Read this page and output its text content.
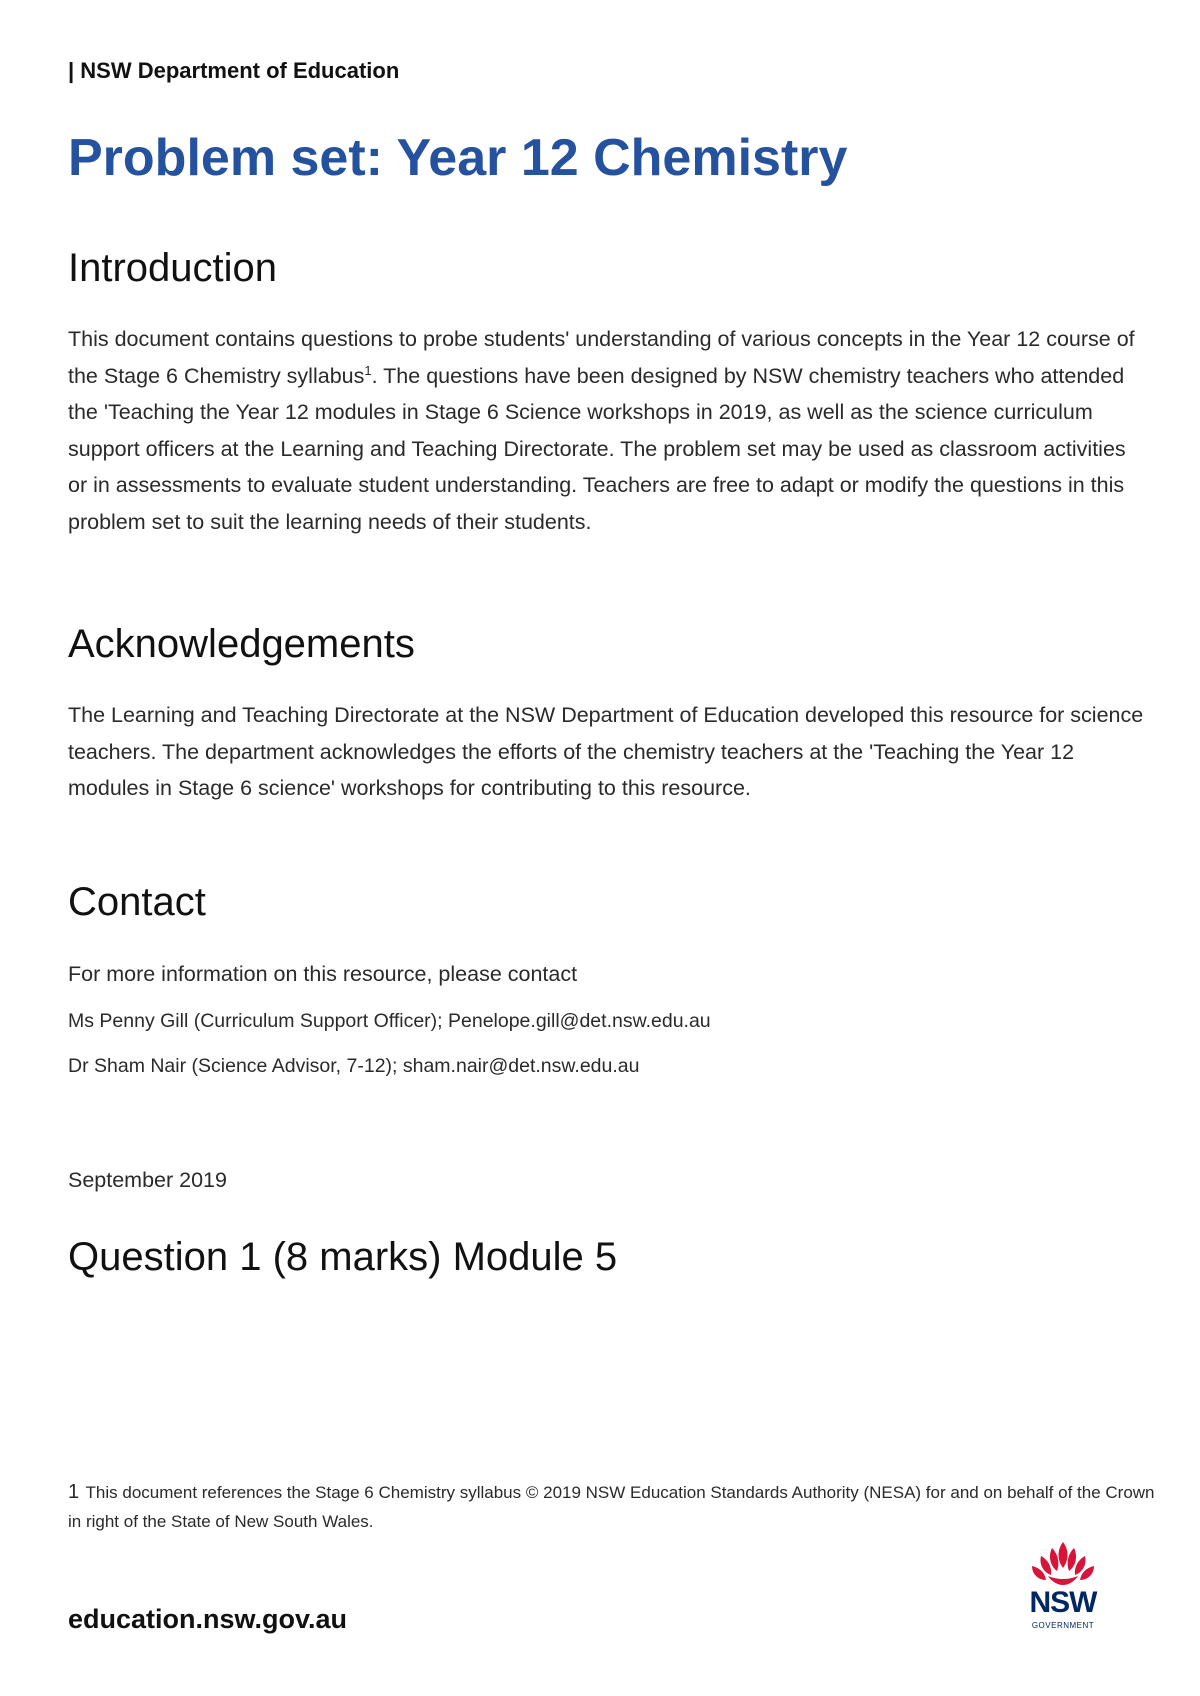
| NSW Department of Education
Problem set: Year 12 Chemistry
Introduction

This document contains questions to probe students' understanding of various concepts in the Year 12 course of the Stage 6 Chemistry syllabus$^1$. The questions have been designed by NSW chemistry teachers who attended the 'Teaching the Year 12 modules in Stage 6 Science workshops in 2019, as well as the science curriculum support officers at the Learning and Teaching Directorate. The problem set may be used as classroom activities or in assessments to evaluate student understanding. Teachers are free to adapt or modify the questions in this problem set to suit the learning needs of their students.

Acknowledgements

The Learning and Teaching Directorate at the NSW Department of Education developed this resource for science teachers. The department acknowledges the efforts of the chemistry teachers at the 'Teaching the Year 12 modules in Stage 6 science' workshops for contributing to this resource.

Contact
For more information on this resource, please contact
Ms Penny Gill (Curriculum Support Officer); Penelope.gill@det.nsw.edu.au
Dr Sham Nair (Science Advisor, 7-12); sham.nair@det.nsw.edu.au
September 2019
Question 1 (8 marks) Module 5

1 This document references the Stage 6 Chemistry syllabus © 2019 NSW Education Standards Authority (NESA) for and on behalf of the Crown in right of the State of New South Wales.

education.nsw.gov.au	NSW
GOVERNMENT
